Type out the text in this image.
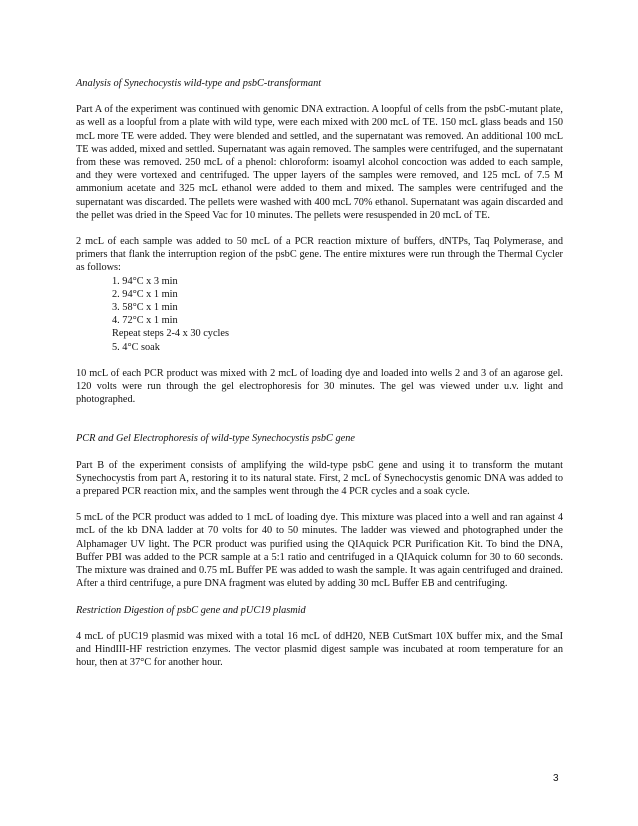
Analysis of Synechocystis wild-type and psbC-transformant

Part A of the experiment was continued with genomic DNA extraction. A loopful of cells from the psbC-mutant plate, as well as a loopful from a plate with wild type, were each mixed with 200 mcL of TE. 150 mcL glass beads and 150 mcL more TE were added. They were blended and settled, and the supernatant was removed. An additional 100 mcL TE was added, mixed and settled. Supernatant was again removed. The samples were centrifuged, and the supernatant from these was removed. 250 mcL of a phenol: chloroform: isoamyl alcohol concoction was added to each sample, and they were vortexed and centrifuged. The upper layers of the samples were removed, and 125 mcL of 7.5 M ammonium acetate and 325 mcL ethanol were added to them and mixed. The samples were centrifuged and the supernatant was discarded. The pellets were washed with 400 mcL 70% ethanol. Supernatant was again discarded and the pellet was dried in the Speed Vac for 10 minutes. The pellets were resuspended in 20 mcL of TE.

2 mcL of each sample was added to 50 mcL of a PCR reaction mixture of buffers, dNTPs, Taq Polymerase, and primers that flank the interruption region of the psbC gene. The entire mixtures were run through the Thermal Cycler as follows:

1. 94°C x 3 min
2. 94°C x 1 min
3. 58°C x 1 min
4. 72°C x 1 min
Repeat steps 2-4 x 30 cycles
5. 4°C soak

10 mcL of each PCR product was mixed with 2 mcL of loading dye and loaded into wells 2 and 3 of an agarose gel. 120 volts were run through the gel electrophoresis for 30 minutes. The gel was viewed under u.v. light and photographed.

PCR and Gel Electrophoresis of wild-type Synechocystis psbC gene

Part B of the experiment consists of amplifying the wild-type psbC gene and using it to transform the mutant Synechocystis from part A, restoring it to its natural state. First, 2 mcL of Synechocystis genomic DNA was added to a prepared PCR reaction mix, and the samples went through the 4 PCR cycles and a soak cycle.

5 mcL of the PCR product was added to 1 mcL of loading dye. This mixture was placed into a well and ran against 4 mcL of the kb DNA ladder at 70 volts for 40 to 50 minutes. The ladder was viewed and photographed under the Alphamager UV light. The PCR product was purified using the QIAquick PCR Purification Kit. To bind the DNA, Buffer PBI was added to the PCR sample at a 5:1 ratio and centrifuged in a QIAquick column for 30 to 60 seconds. The mixture was drained and 0.75 mL Buffer PE was added to wash the sample. It was again centrifuged and drained. After a third centrifuge, a pure DNA fragment was eluted by adding 30 mcL Buffer EB and centrifuging.

Restriction Digestion of psbC gene and pUC19 plasmid

4 mcL of pUC19 plasmid was mixed with a total 16 mcL of ddH20, NEB CutSmart 10X buffer mix, and the SmaI and HindIII-HF restriction enzymes. The vector plasmid digest sample was incubated at room temperature for an hour, then at 37°C for another hour.

3
